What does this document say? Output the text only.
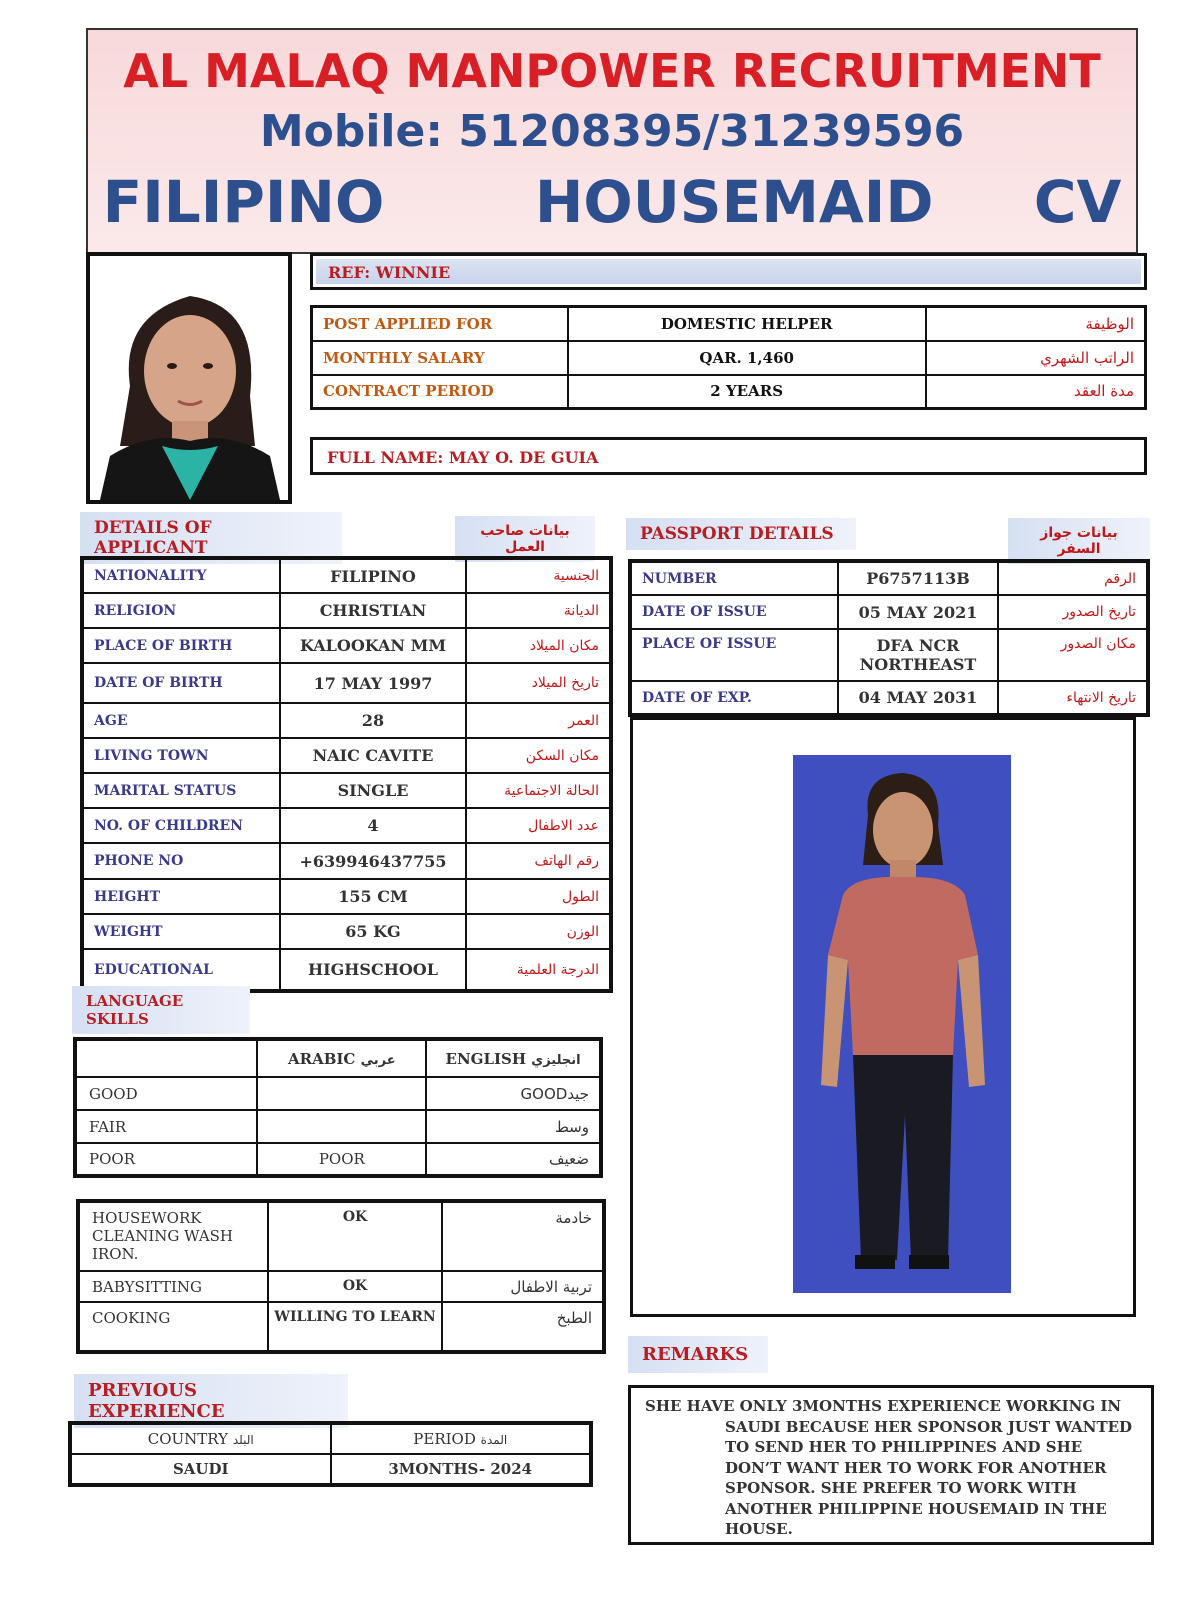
AL MALAQ MANPOWER RECRUITMENT
Mobile: 51208395/31239596
FILIPINO   HOUSEMAID  CV
REF: WINNIE
POST APPLIED FOR	DOMESTIC HELPER	الوظيفة
MONTHLY SALARY	QAR. 1,460	الراتب الشهري
CONTRACT PERIOD	2 YEARS	مدة العقد
FULL NAME: MAY O. DE GUIA
DETAILS OF APPLICANT
بيانات صاحب العمل
NATIONALITY	FILIPINO	الجنسية
RELIGION	CHRISTIAN	الديانة
PLACE OF BIRTH	KALOOKAN MM	مكان الميلاد
DATE OF BIRTH	17 MAY 1997	تاريخ الميلاد
AGE	28	العمر
LIVING TOWN	NAIC CAVITE	مكان السكن
MARITAL STATUS	SINGLE	الحالة الاجتماعية
NO. OF CHILDREN	4	عدد الاطفال
PHONE NO	+639946437755	رقم الهاتف
HEIGHT	155 CM	الطول
WEIGHT	65 KG	الوزن
EDUCATIONAL	HIGHSCHOOL	الدرجة العلمية
PASSPORT DETAILS	بيانات جواز السفر
NUMBER	P6757113B	الرقم
DATE OF ISSUE	05 MAY 2021	تاريخ الصدور
PLACE OF ISSUE	DFA NCR NORTHEAST	مكان الصدور
DATE OF EXP.	04 MAY 2031	تاريخ الانتهاء
LANGUAGE SKILLS
	ARABIC عربي	ENGLISH انجليزي
GOOD		جيدGOOD
FAIR		وسط
POOR	POOR	ضعيف
HOUSEWORK CLEANING WASH IRON.	OK	خادمة
BABYSITTING	OK	تربية الاطفال
COOKING	WILLING TO LEARN	الطبخ
PREVIOUS EXPERIENCE
COUNTRY البلد	PERIOD المدة
SAUDI	3MONTHS- 2024
REMARKS
SHE HAVE ONLY 3MONTHS EXPERIENCE WORKING IN
SAUDI BECAUSE HER SPONSOR JUST WANTED TO SEND HER TO PHILIPPINES AND SHE DON’T WANT HER TO WORK FOR ANOTHER SPONSOR. SHE PREFER TO WORK WITH ANOTHER PHILIPPINE HOUSEMAID IN THE HOUSE.
